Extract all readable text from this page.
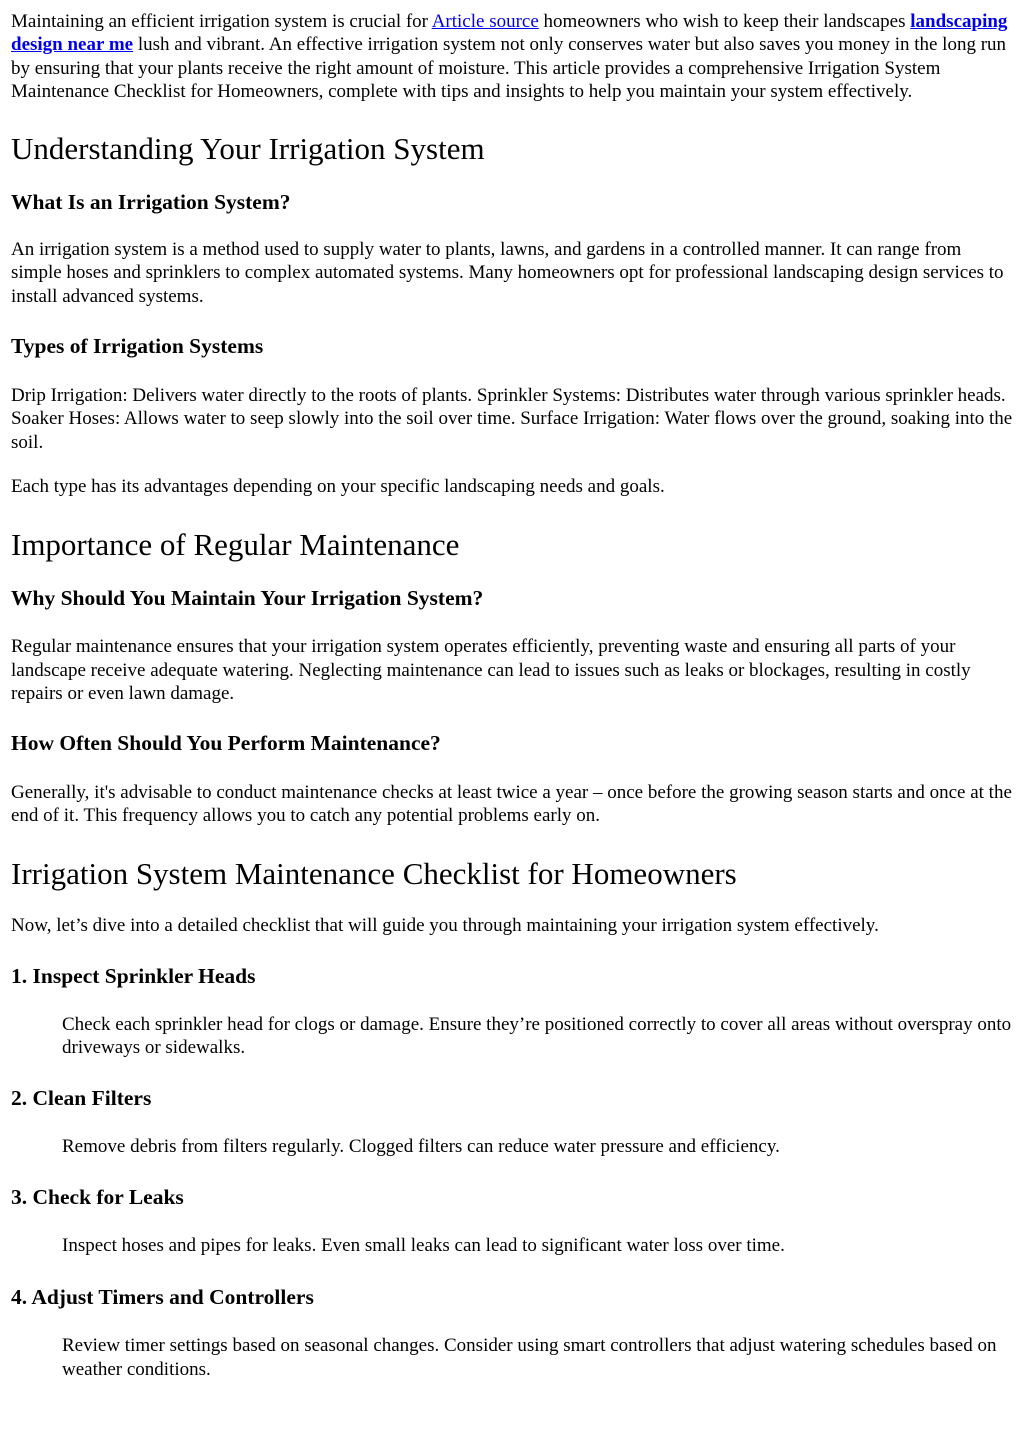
Maintaining an efficient irrigation system is crucial for Article source homeowners who wish to keep their landscapes landscaping design near me lush and vibrant. An effective irrigation system not only conserves water but also saves you money in the long run by ensuring that your plants receive the right amount of moisture. This article provides a comprehensive Irrigation System Maintenance Checklist for Homeowners, complete with tips and insights to help you maintain your system effectively.

Understanding Your Irrigation System
What Is an Irrigation System?

An irrigation system is a method used to supply water to plants, lawns, and gardens in a controlled manner. It can range from simple hoses and sprinklers to complex automated systems. Many homeowners opt for professional landscaping design services to install advanced systems.

Types of Irrigation Systems

Drip Irrigation: Delivers water directly to the roots of plants. Sprinkler Systems: Distributes water through various sprinkler heads. Soaker Hoses: Allows water to seep slowly into the soil over time. Surface Irrigation: Water flows over the ground, soaking into the soil.

Each type has its advantages depending on your specific landscaping needs and goals.

Importance of Regular Maintenance
Why Should You Maintain Your Irrigation System?

Regular maintenance ensures that your irrigation system operates efficiently, preventing waste and ensuring all parts of your landscape receive adequate watering. Neglecting maintenance can lead to issues such as leaks or blockages, resulting in costly repairs or even lawn damage.

How Often Should You Perform Maintenance?

Generally, it's advisable to conduct maintenance checks at least twice a year – once before the growing season starts and once at the end of it. This frequency allows you to catch any potential problems early on.

Irrigation System Maintenance Checklist for Homeowners

Now, let’s dive into a detailed checklist that will guide you through maintaining your irrigation system effectively.

1. Inspect Sprinkler Heads

Check each sprinkler head for clogs or damage. Ensure they’re positioned correctly to cover all areas without overspray onto driveways or sidewalks.

2. Clean Filters

Remove debris from filters regularly. Clogged filters can reduce water pressure and efficiency.

3. Check for Leaks

Inspect hoses and pipes for leaks. Even small leaks can lead to significant water loss over time.

4. Adjust Timers and Controllers

Review timer settings based on seasonal changes. Consider using smart controllers that adjust watering schedules based on weather conditions.
